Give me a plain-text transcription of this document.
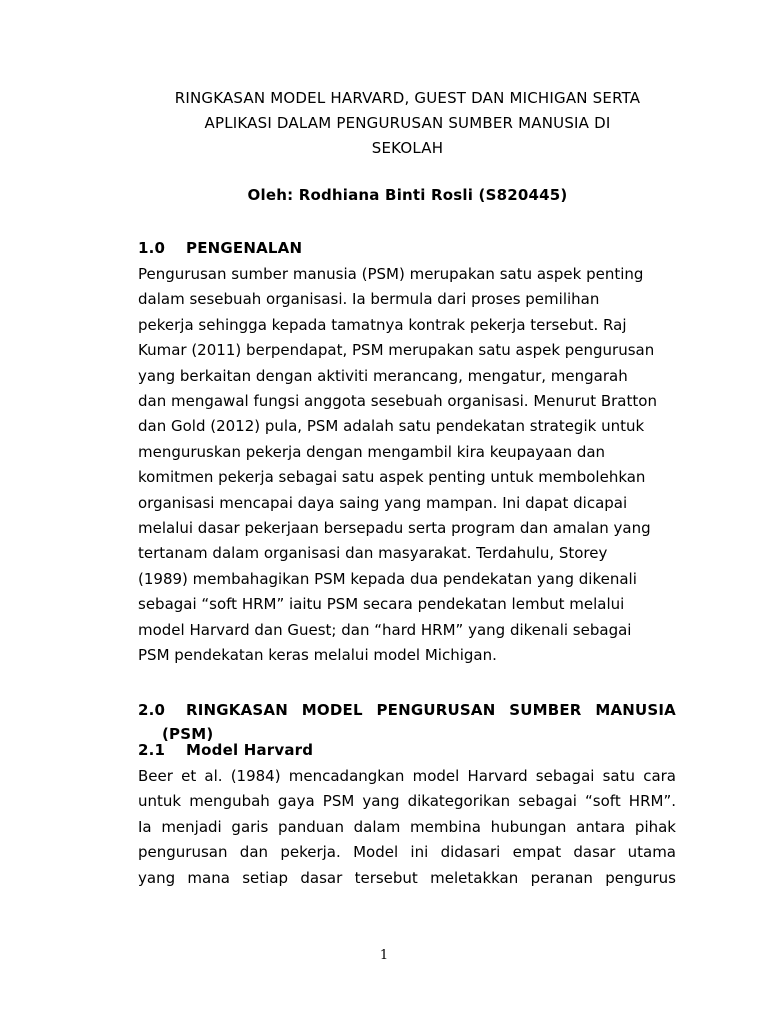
RINGKASAN MODEL HARVARD, GUEST DAN MICHIGAN SERTA
APLIKASI DALAM PENGURUSAN SUMBER MANUSIA DI
SEKOLAH
Oleh: Rodhiana Binti Rosli (S820445)
1.0 PENGENALAN
Pengurusan sumber manusia (PSM) merupakan satu aspek penting
dalam sesebuah organisasi. Ia bermula dari proses pemilihan
pekerja sehingga kepada tamatnya kontrak pekerja tersebut. Raj
Kumar (2011) berpendapat, PSM merupakan satu aspek pengurusan
yang berkaitan dengan aktiviti merancang, mengatur, mengarah
dan mengawal fungsi anggota sesebuah organisasi. Menurut Bratton
dan Gold (2012) pula, PSM adalah satu pendekatan strategik untuk
menguruskan pekerja dengan mengambil kira keupayaan dan
komitmen pekerja sebagai satu aspek penting untuk membolehkan
organisasi mencapai daya saing yang mampan. Ini dapat dicapai
melalui dasar pekerjaan bersepadu serta program dan amalan yang
tertanam dalam organisasi dan masyarakat. Terdahulu, Storey
(1989) membahagikan PSM kepada dua pendekatan yang dikenali
sebagai “soft HRM” iaitu PSM secara pendekatan lembut melalui
model Harvard dan Guest; dan “hard HRM” yang dikenali sebagai
PSM pendekatan keras melalui model Michigan.
2.0	RINGKASAN MODEL PENGURUSAN SUMBER MANUSIA
(PSM)
2.1 Model Harvard
Beer et al. (1984) mencadangkan model Harvard sebagai satu cara
untuk mengubah gaya PSM yang dikategorikan sebagai “soft HRM”.
Ia menjadi garis panduan dalam membina hubungan antara pihak
pengurusan dan pekerja. Model ini didasari empat dasar utama
yang mana setiap dasar tersebut meletakkan peranan pengurus
1
